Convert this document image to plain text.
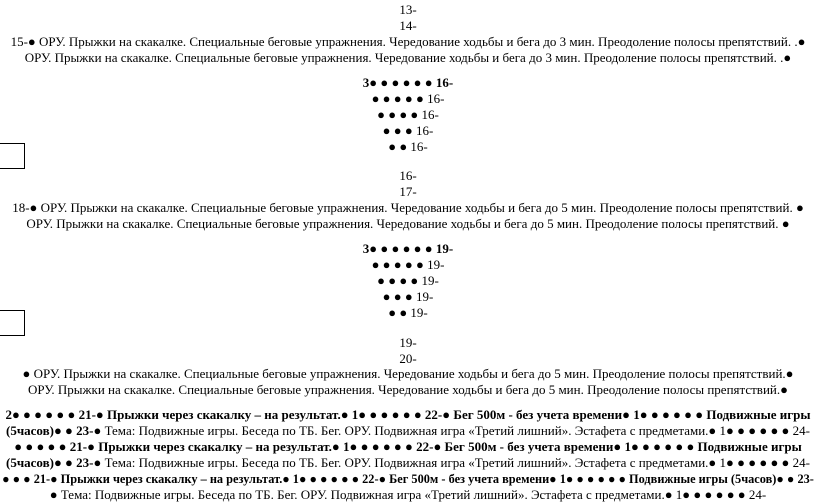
13-
14-
15-● ОРУ. Прыжки на скакалке. Специальные беговые упражнения. Чередование ходьбы и бега до 3 мин. Преодоление полосы препятствий. .●
ОРУ. Прыжки на скакалке. Специальные беговые упражнения. Чередование ходьбы и бега до 3 мин. Преодоление полосы препятствий. .●
3● ● ● ● ● ● 16-
● ● ● ● ● 16-
● ● ● ● 16-
● ● ● 16-
● ● 16-
16-
17-
18-● ОРУ. Прыжки на скакалке. Специальные беговые упражнения. Чередование ходьбы и бега до 5 мин. Преодоление полосы препятствий. ●
ОРУ. Прыжки на скакалке. Специальные беговые упражнения. Чередование ходьбы и бега до 5 мин. Преодоление полосы препятствий. ●
3● ● ● ● ● ● 19-
● ● ● ● ● 19-
● ● ● ● 19-
● ● ● 19-
● ● 19-
19-
20-
● ОРУ. Прыжки на скакалке. Специальные беговые упражнения. Чередование ходьбы и бега до 5 мин. Преодоление полосы препятствий.●
ОРУ. Прыжки на скакалке. Специальные беговые упражнения. Чередование ходьбы и бега до 5 мин. Преодоление полосы препятствий.●
2● ● ● ● ● ● 21-● Прыжки через скакалку – на результат.● 1● ● ● ● ● ● 22-● Бег 500м - без учета времени● 1● ● ● ● ● ● Подвижные игры
(5часов)● ● 23-● Тема: Подвижные игры. Беседа по ТБ. Бег. ОРУ. Подвижная игра «Третий лишний». Эстафета с предметами.● 1● ● ● ● ● ● 24-
● ● ● ● ● 21-● Прыжки через скакалку – на результат.● 1● ● ● ● ● ● 22-● Бег 500м - без учета времени● 1● ● ● ● ● ● Подвижные игры
(5часов)● ● 23-● Тема: Подвижные игры. Беседа по ТБ. Бег. ОРУ. Подвижная игра «Третий лишний». Эстафета с предметами.● 1● ● ● ● ● ● 24-
● ● ● 21-● Прыжки через скакалку – на результат.● 1● ● ● ● ● ● 22-● Бег 500м - без учета времени● 1● ● ● ● ● ● Подвижные игры (5часов)● ● 23-
● Тема: Подвижные игры. Беседа по ТБ. Бег. ОРУ. Подвижная игра «Третий лишний». Эстафета с предметами.● 1● ● ● ● ● ● 24-
